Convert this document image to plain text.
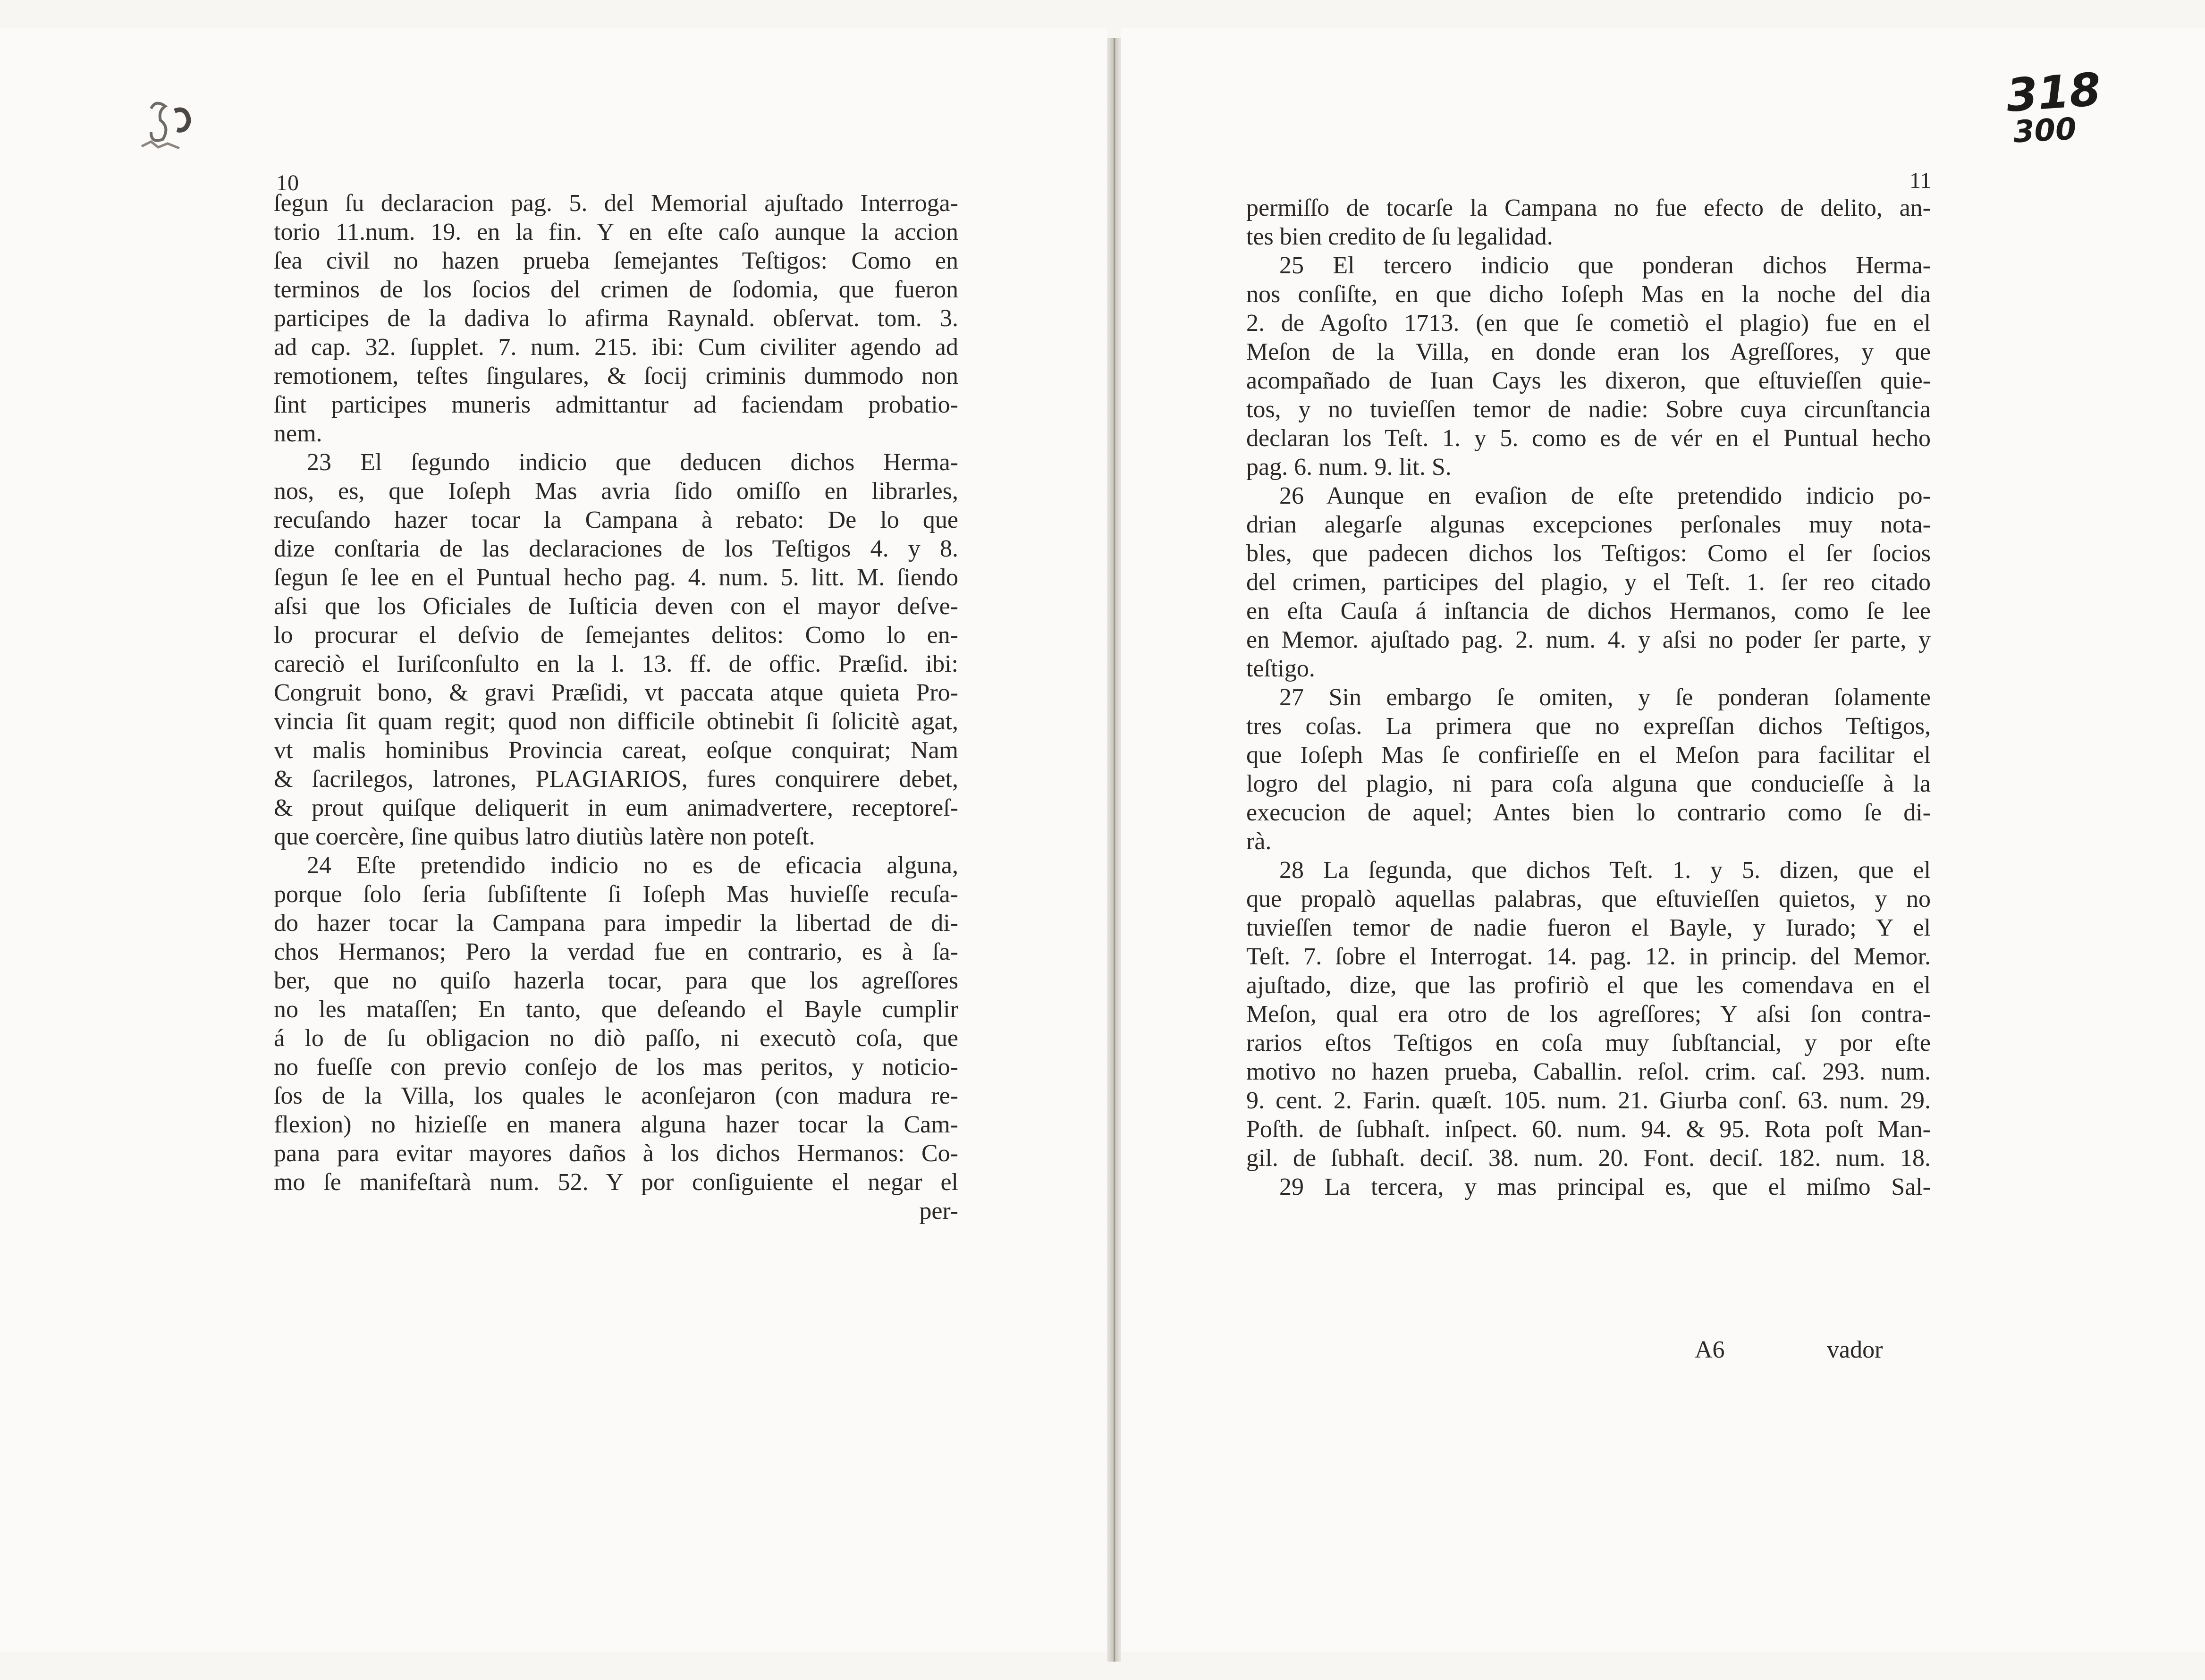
10
ſegun ſu declaracion pag. 5. del Memorial ajuſtado Interroga-
torio 11.num. 19. en la fin. Y en eſte caſo aunque la accion
ſea civil no hazen prueba ſemejantes Teſtigos: Como en
terminos de los ſocios del crimen de ſodomia, que fueron
participes de la dadiva lo afirma Raynald. obſervat. tom. 3.
ad cap. 32. ſupplet. 7. num. 215. ibi: Cum civiliter agendo ad
remotionem, teſtes ſingulares, & ſocij criminis dummodo non
ſint participes muneris admittantur ad faciendam probatio-
nem.
23 El ſegundo indicio que deducen dichos Herma-
nos, es, que Ioſeph Mas avria ſido omiſſo en librarles,
recuſando hazer tocar la Campana à rebato: De lo que
dize conſtaria de las declaraciones de los Teſtigos 4. y 8.
ſegun ſe lee en el Puntual hecho pag. 4. num. 5. litt. M. ſiendo
aſsi que los Oficiales de Iuſticia deven con el mayor deſve-
lo procurar el deſvio de ſemejantes delitos: Como lo en-
careciò el Iuriſconſulto en la l. 13. ff. de offic. Præſid. ibi:
Congruit bono, & gravi Præſidi, vt paccata atque quieta Pro-
vincia ſit quam regit; quod non difficile obtinebit ſi ſolicitè agat,
vt malis hominibus Provincia careat, eoſque conquirat; Nam
& ſacrilegos, latrones, PLAGIARIOS, fures conquirere debet,
& prout quiſque deliquerit in eum animadvertere, receptoreſ-
que coercère, ſine quibus latro diutiùs latère non poteſt.
24 Eſte pretendido indicio no es de eficacia alguna,
porque ſolo ſeria ſubſiſtente ſi Ioſeph Mas huvieſſe recuſa-
do hazer tocar la Campana para impedir la libertad de di-
chos Hermanos; Pero la verdad fue en contrario, es à ſa-
ber, que no quiſo hazerla tocar, para que los agreſſores
no les mataſſen; En tanto, que deſeando el Bayle cumplir
á lo de ſu obligacion no diò paſſo, ni executò coſa, que
no fueſſe con previo conſejo de los mas peritos, y noticio-
ſos de la Villa, los quales le aconſejaron (con madura re-
flexion) no hizieſſe en manera alguna hazer tocar la Cam-
pana para evitar mayores daños à los dichos Hermanos: Co-
mo ſe manifeſtarà num. 52. Y por conſiguiente el negar el
per-
11
permiſſo de tocarſe la Campana no fue efecto de delito, an-
tes bien credito de ſu legalidad.
25 El tercero indicio que ponderan dichos Herma-
nos conſiſte, en que dicho Ioſeph Mas en la noche del dia
2. de Agoſto 1713. (en que ſe cometiò el plagio) fue en el
Meſon de la Villa, en donde eran los Agreſſores, y que
acompañado de Iuan Cays les dixeron, que eſtuvieſſen quie-
tos, y no tuvieſſen temor de nadie: Sobre cuya circunſtancia
declaran los Teſt. 1. y 5. como es de vér en el Puntual hecho
pag. 6. num. 9. lit. S.
26 Aunque en evaſion de eſte pretendido indicio po-
drian alegarſe algunas excepciones perſonales muy nota-
bles, que padecen dichos los Teſtigos: Como el ſer ſocios
del crimen, participes del plagio, y el Teſt. 1. ſer reo citado
en eſta Cauſa á inſtancia de dichos Hermanos, como ſe lee
en Memor. ajuſtado pag. 2. num. 4. y aſsi no poder ſer parte, y
teſtigo.
27 Sin embargo ſe omiten, y ſe ponderan ſolamente
tres coſas. La primera que no expreſſan dichos Teſtigos,
que Ioſeph Mas ſe confirieſſe en el Meſon para facilitar el
logro del plagio, ni para coſa alguna que conducieſſe à la
execucion de aquel; Antes bien lo contrario como ſe di-
rà.
28 La ſegunda, que dichos Teſt. 1. y 5. dizen, que el
que propalò aquellas palabras, que eſtuvieſſen quietos, y no
tuvieſſen temor de nadie fueron el Bayle, y Iurado; Y el
Teſt. 7. ſobre el Interrogat. 14. pag. 12. in princip. del Memor.
ajuſtado, dize, que las profiriò el que les comendava en el
Meſon, qual era otro de los agreſſores; Y aſsi ſon contra-
rarios eſtos Teſtigos en coſa muy ſubſtancial, y por eſte
motivo no hazen prueba, Caballin. reſol. crim. caſ. 293. num.
9. cent. 2. Farin. quæſt. 105. num. 21. Giurba conſ. 63. num. 29.
Poſth. de ſubhaſt. inſpect. 60. num. 94. & 95. Rota poſt Man-
gil. de ſubhaſt. deciſ. 38. num. 20. Font. deciſ. 182. num. 18.
29 La tercera, y mas principal es, que el miſmo Sal-
A6	vador
318
300
